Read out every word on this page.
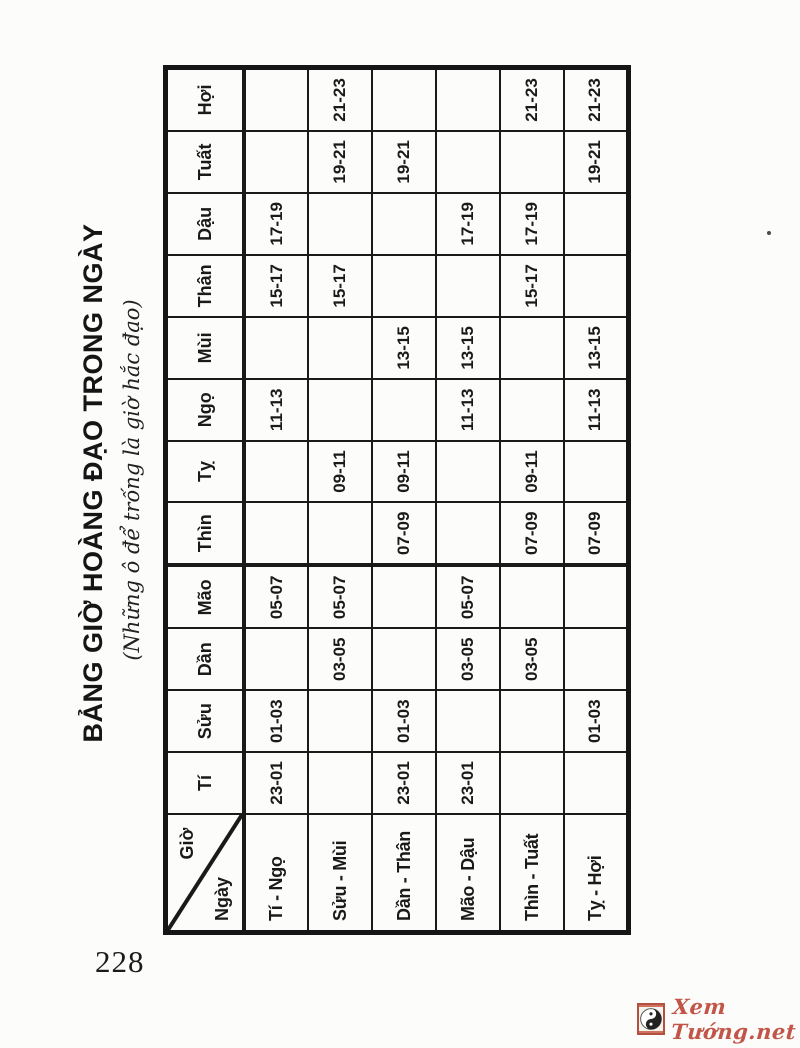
BẢNG GIỜ HOÀNG ĐẠO TRONG NGÀY (Những ô để trống là giờ hắc đạo)
Giờ
Ngày	Tí	Sửu	Dần	Mão	Thìn	Tỵ	Ngọ	Mùi	Thân	Dậu	Tuất	Hợi
Tí - Ngọ	23-01	01-03		05-07			11-13		15-17	17-19		
Sửu - Mùi			03-05	05-07		09-11			15-17		19-21	21-23
Dần - Thân	23-01	01-03			07-09	09-11		13-15			19-21	
Mão - Dậu	23-01		03-05	05-07			11-13	13-15		17-19		
Thìn - Tuất			03-05		07-09	09-11			15-17	17-19		21-23
Tỵ - Hợi		01-03			07-09		11-13	13-15			19-21	21-23
228
Xem Tướng.net
